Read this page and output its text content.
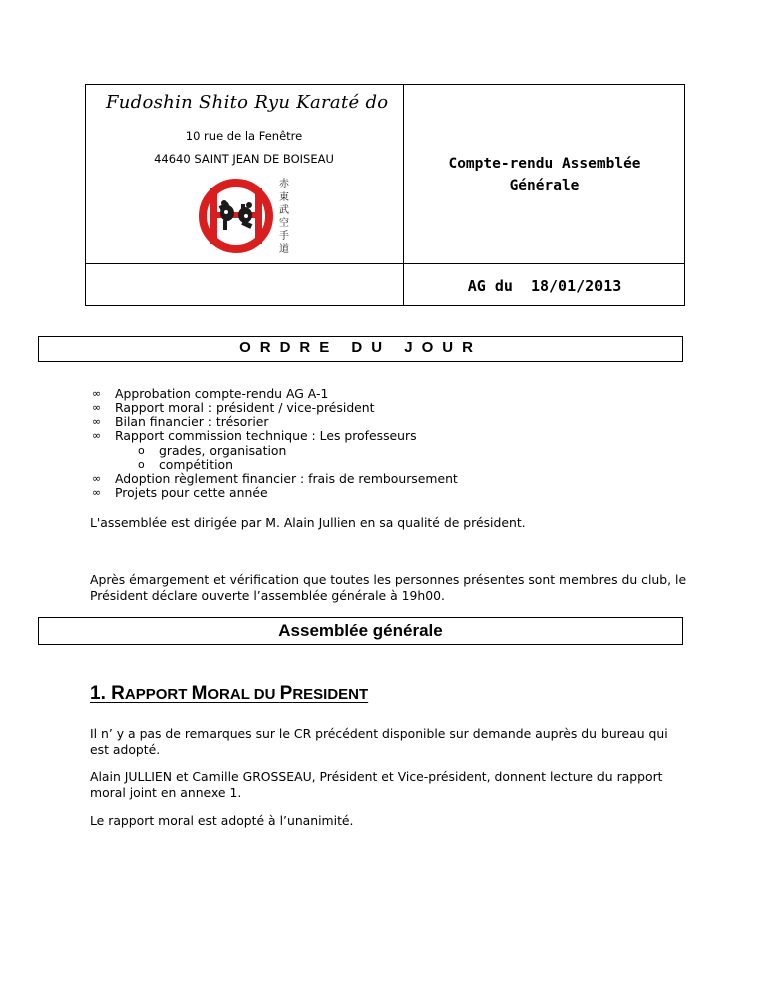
Fudoshin Shito Ryu Karaté do
10 rue de la Fenêtre
44640 SAINT JEAN DE BOISEAU
赤
東
武
空
手
道
Compte-rendu Assemblée
Générale
AG du  18/01/2013
ORDRE DU JOUR
∞ Approbation compte-rendu AG A-1
∞ Rapport moral : président / vice-président
∞ Bilan financier : trésorier
∞ Rapport commission technique : Les professeurs
o grades, organisation
o compétition
∞ Adoption règlement financier : frais de remboursement
∞ Projets pour cette année
L'assemblée est dirigée par M. Alain Jullien en sa qualité de président.
Après émargement et vérification que toutes les personnes présentes sont membres du club, le Président déclare ouverte l’assemblée générale à 19h00.
Assemblée générale
1. RAPPORT MORAL DU PRESIDENT
Il n’ y a pas de remarques sur le CR précédent disponible sur demande auprès du bureau qui est adopté.
Alain JULLIEN et Camille GROSSEAU, Président et Vice-président, donnent lecture du rapport moral joint en annexe 1.
Le rapport moral est adopté à l’unanimité.
